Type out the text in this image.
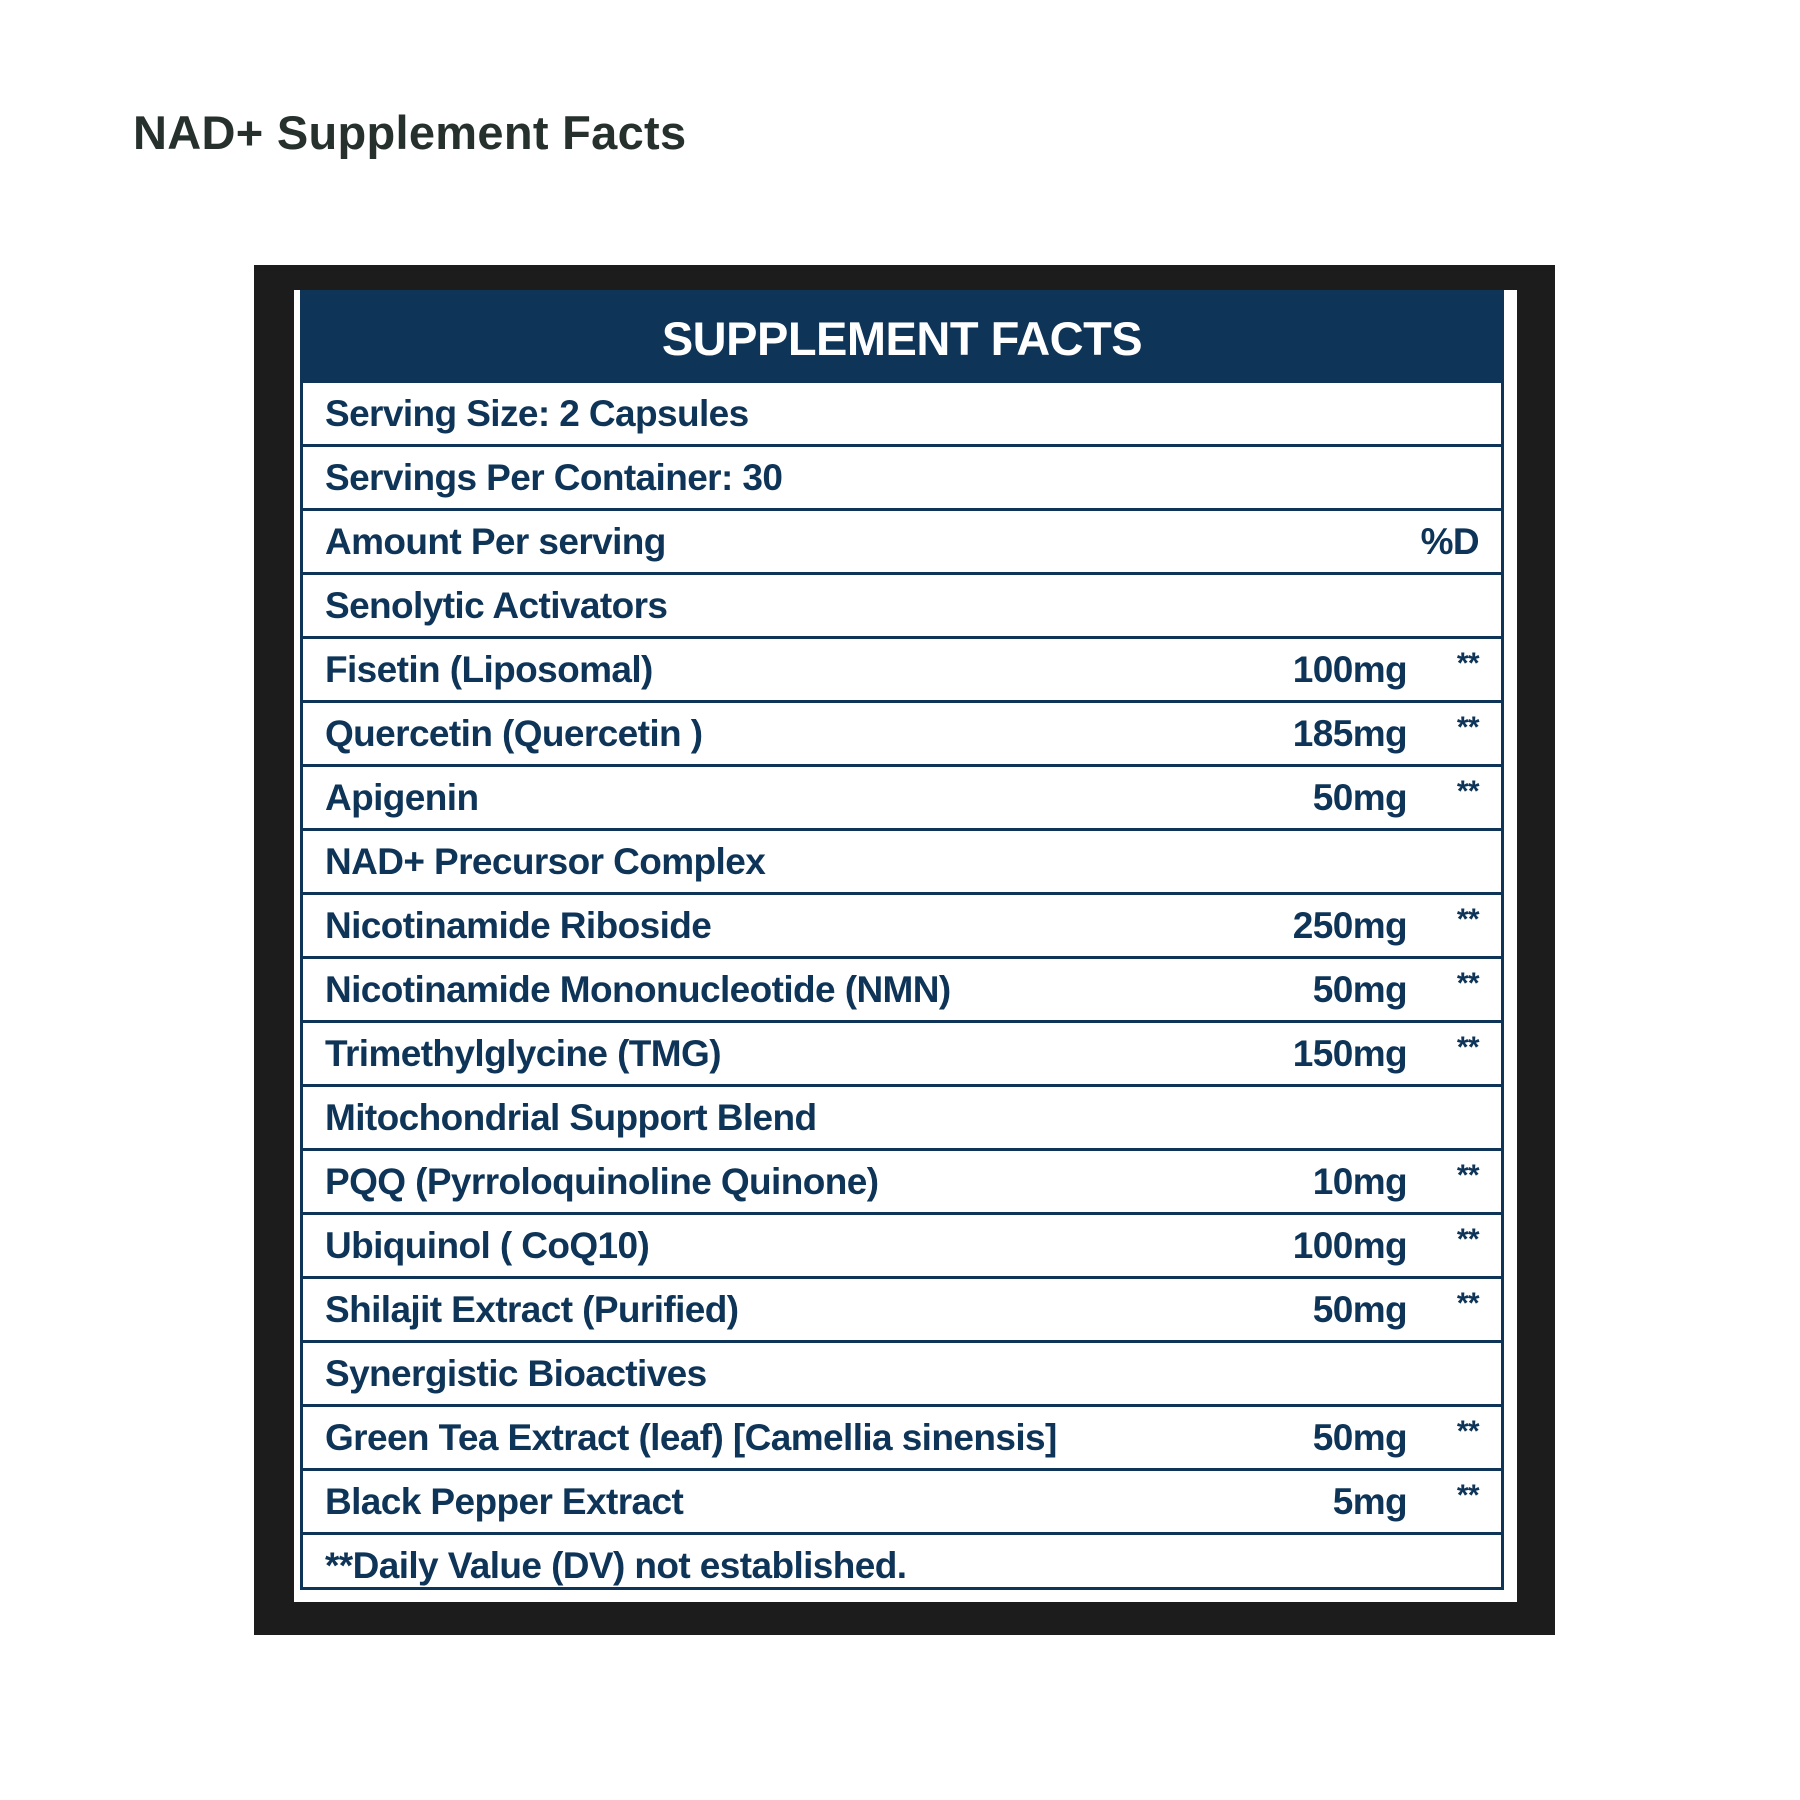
NAD+ Supplement Facts
SUPPLEMENT FACTS
Serving Size: 2 Capsules
Servings Per Container: 30
Amount Per serving	%D
Senolytic Activators
Fisetin (Liposomal)	100mg	**
Quercetin (Quercetin )	185mg	**
Apigenin	50mg	**
NAD+ Precursor Complex
Nicotinamide Riboside	250mg	**
Nicotinamide Mononucleotide (NMN)	50mg	**
Trimethylglycine (TMG)	150mg	**
Mitochondrial Support Blend
PQQ (Pyrroloquinoline Quinone)	10mg	**
Ubiquinol ( CoQ10)	100mg	**
Shilajit Extract (Purified)	50mg	**
Synergistic Bioactives
Green Tea Extract (leaf) [Camellia sinensis]	50mg	**
Black Pepper Extract	5mg	**
**Daily Value (DV) not established.
